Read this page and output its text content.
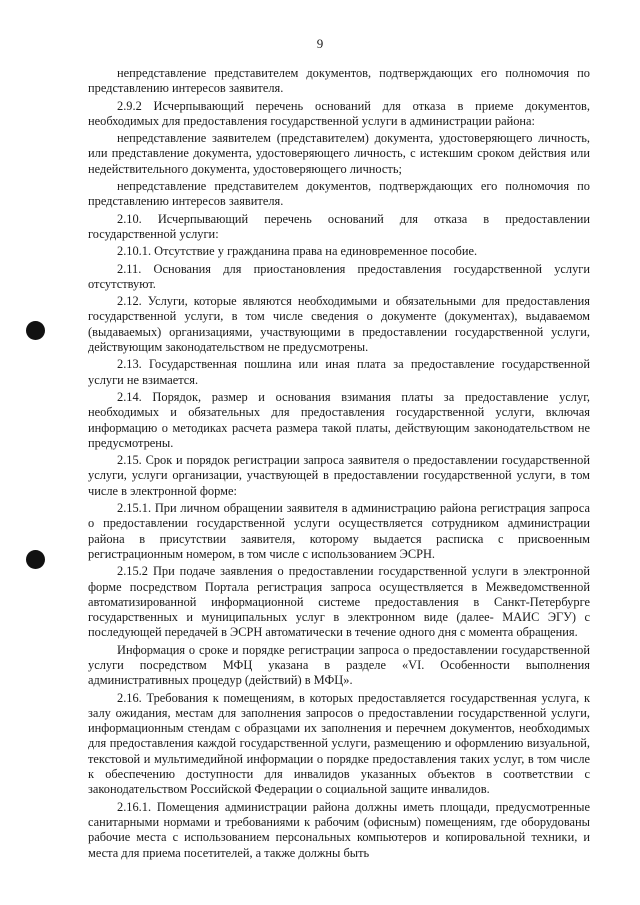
9

непредставление представителем документов, подтверждающих его полномочия по представлению интересов заявителя.

2.9.2 Исчерпывающий перечень оснований для отказа в приеме документов, необходимых для предоставления государственной услуги в администрации района:

непредставление заявителем (представителем) документа, удостоверяющего личность, или представление документа, удостоверяющего личность, с истекшим сроком действия или недействительного документа, удостоверяющего личность;

непредставление представителем документов, подтверждающих его полномочия по представлению интересов заявителя.

2.10. Исчерпывающий перечень оснований для отказа в предоставлении государственной услуги:

2.10.1. Отсутствие у гражданина права на единовременное пособие.

2.11. Основания для приостановления предоставления государственной услуги отсутствуют.

2.12. Услуги, которые являются необходимыми и обязательными для предоставления государственной услуги, в том числе сведения о документе (документах), выдаваемом (выдаваемых) организациями, участвующими в предоставлении государственной услуги, действующим законодательством не предусмотрены.

2.13. Государственная пошлина или иная плата за предоставление государственной услуги не взимается.

2.14. Порядок, размер и основания взимания платы за предоставление услуг, необходимых и обязательных для предоставления государственной услуги, включая информацию о методиках расчета размера такой платы, действующим законодательством не предусмотрены.

2.15. Срок и порядок регистрации запроса заявителя о предоставлении государственной услуги, услуги организации, участвующей в предоставлении государственной услуги, в том числе в электронной форме:

2.15.1. При личном обращении заявителя в администрацию района регистрация запроса о предоставлении государственной услуги осуществляется сотрудником администрации района в присутствии заявителя, которому выдается расписка с присвоенным регистрационным номером, в том числе с использованием ЭСРН.

2.15.2 При подаче заявления о предоставлении государственной услуги в электронной форме посредством Портала регистрация запроса осуществляется в Межведомственной автоматизированной информационной системе предоставления в Санкт-Петербурге государственных и муниципальных услуг в электронном виде (далее- МАИС ЭГУ) с последующей передачей в ЭСРН автоматически в течение одного дня с момента обращения.

Информация о сроке и порядке регистрации запроса о предоставлении государственной услуги посредством МФЦ указана в разделе «VI. Особенности выполнения административных процедур (действий) в МФЦ».

2.16. Требования к помещениям, в которых предоставляется государственная услуга, к залу ожидания, местам для заполнения запросов о предоставлении государственной услуги, информационным стендам с образцами их заполнения и перечнем документов, необходимых для предоставления каждой государственной услуги, размещению и оформлению визуальной, текстовой и мультимедийной информации о порядке предоставления таких услуг, в том числе к обеспечению доступности для инвалидов указанных объектов в соответствии с законодательством Российской Федерации о социальной защите инвалидов.

2.16.1. Помещения администрации района должны иметь площади, предусмотренные санитарными нормами и требованиями к рабочим (офисным) помещениям, где оборудованы рабочие места с использованием персональных компьютеров и копировальной техники, и места для приема посетителей, а также должны быть
